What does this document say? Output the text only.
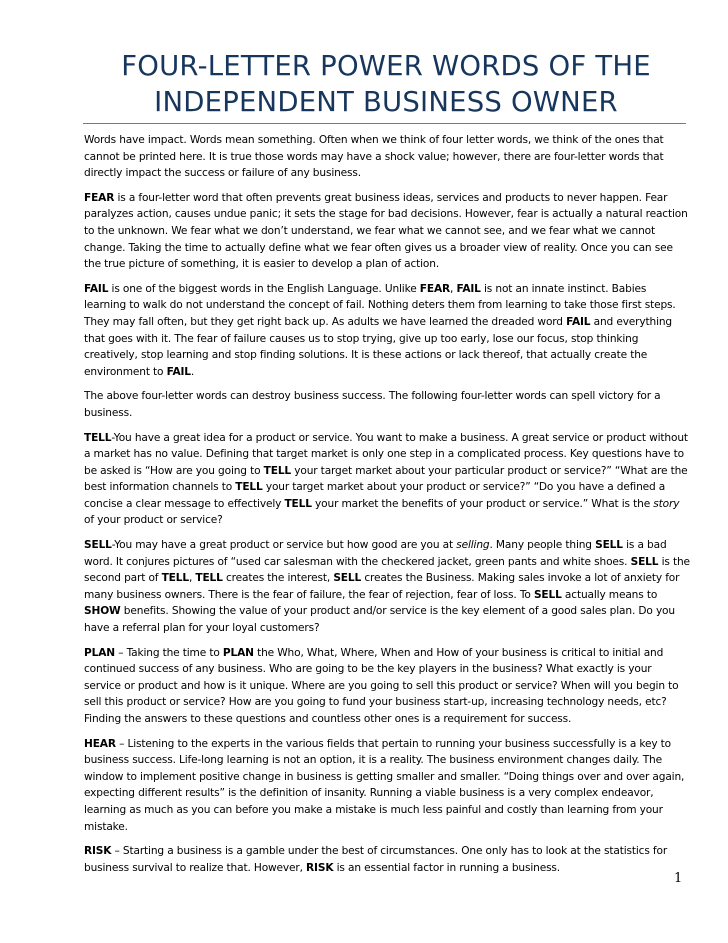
FOUR-LETTER POWER WORDS OF THE
INDEPENDENT BUSINESS OWNER

Words have impact. Words mean something. Often when we think of four letter words, we think of the ones that cannot be printed here. It is true those words may have a shock value; however, there are four-letter words that directly impact the success or failure of any business.

FEAR is a four-letter word that often prevents great business ideas, services and products to never happen. Fear paralyzes action, causes undue panic; it sets the stage for bad decisions. However, fear is actually a natural reaction to the unknown. We fear what we don’t understand, we fear what we cannot see, and we fear what we cannot change. Taking the time to actually define what we fear often gives us a broader view of reality. Once you can see the true picture of something, it is easier to develop a plan of action.

FAIL is one of the biggest words in the English Language. Unlike FEAR, FAIL is not an innate instinct. Babies learning to walk do not understand the concept of fail. Nothing deters them from learning to take those first steps. They may fall often, but they get right back up. As adults we have learned the dreaded word FAIL and everything that goes with it. The fear of failure causes us to stop trying, give up too early, lose our focus, stop thinking creatively, stop learning and stop finding solutions. It is these actions or lack thereof, that actually create the environment to FAIL.

The above four-letter words can destroy business success. The following four-letter words can spell victory for a business.

TELL-You have a great idea for a product or service. You want to make a business. A great service or product without a market has no value. Defining that target market is only one step in a complicated process. Key questions have to be asked is “How are you going to TELL your target market about your particular product or service?” “What are the best information channels to TELL your target market about your product or service?” “Do you have a defined a concise a clear message to effectively TELL your market the benefits of your product or service.” What is the story of your product or service?

SELL-You may have a great product or service but how good are you at selling. Many people thing SELL is a bad word. It conjures pictures of “used car salesman with the checkered jacket, green pants and white shoes. SELL is the second part of TELL, TELL creates the interest, SELL creates the Business. Making sales invoke a lot of anxiety for many business owners. There is the fear of failure, the fear of rejection, fear of loss. To SELL actually means to SHOW benefits. Showing the value of your product and/or service is the key element of a good sales plan. Do you have a referral plan for your loyal customers?

PLAN – Taking the time to PLAN the Who, What, Where, When and How of your business is critical to initial and continued success of any business. Who are going to be the key players in the business? What exactly is your service or product and how is it unique. Where are you going to sell this product or service? When will you begin to sell this product or service? How are you going to fund your business start-up, increasing technology needs, etc? Finding the answers to these questions and countless other ones is a requirement for success.

HEAR – Listening to the experts in the various fields that pertain to running your business successfully is a key to business success. Life-long learning is not an option, it is a reality. The business environment changes daily. The window to implement positive change in business is getting smaller and smaller. “Doing things over and over again, expecting different results” is the definition of insanity. Running a viable business is a very complex endeavor, learning as much as you can before you make a mistake is much less painful and costly than learning from your mistake.

RISK – Starting a business is a gamble under the best of circumstances. One only has to look at the statistics for business survival to realize that. However, RISK is an essential factor in running a business.

1
